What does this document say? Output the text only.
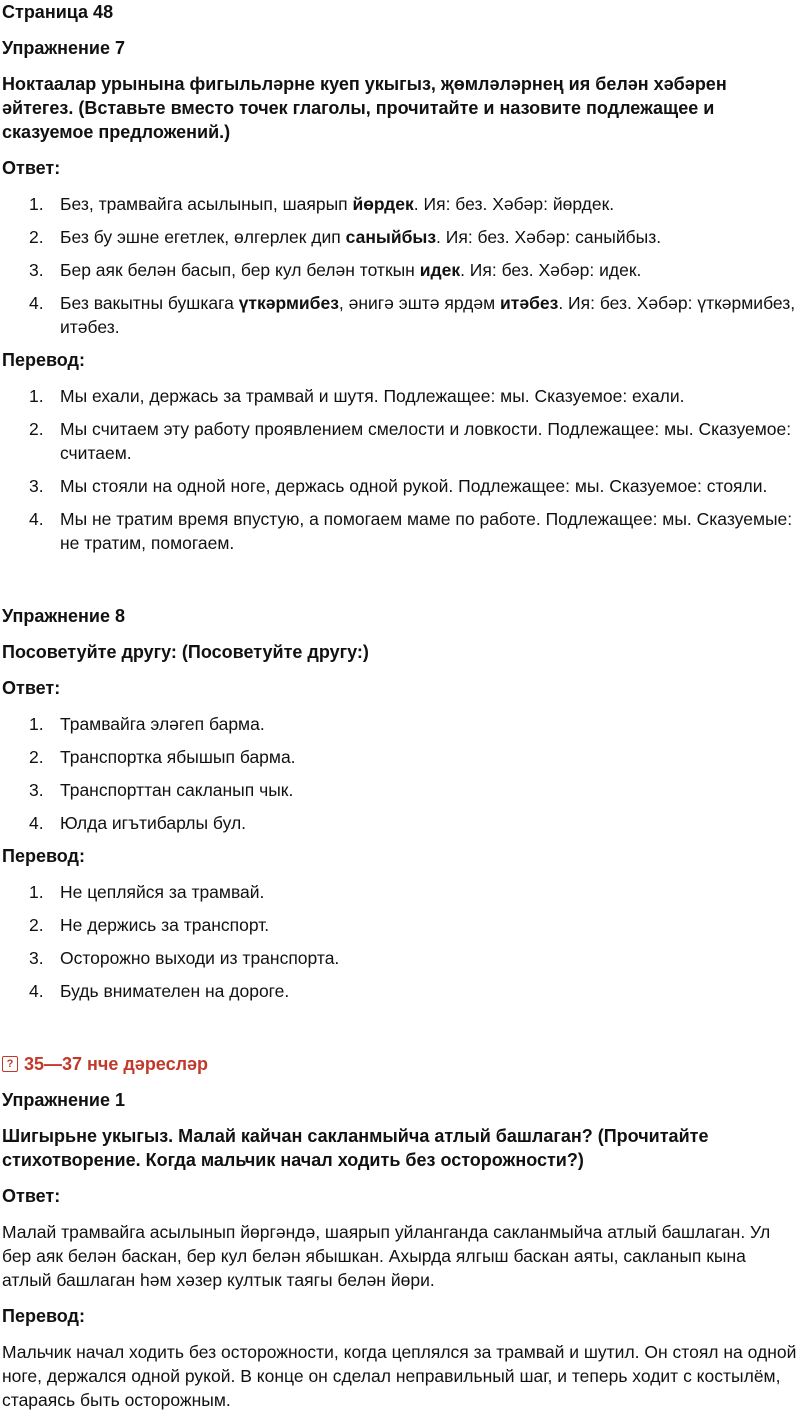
Страница 48
Упражнение 7
Ноктаалар урынына фигыльләрне куеп укыгыз, җөмләләрнең ия белән хәбәрен әйтегез. (Вставьте вместо точек глаголы, прочитайте и назовите подлежащее и сказуемое предложений.)
Ответ:
1. Без, трамвайга асылынып, шаярып йөрдек. Ия: без. Хәбәр: йөрдек.
2. Без бу эшне егетлек, өлгерлек дип саныйбыз. Ия: без. Хәбәр: саныйбыз.
3. Бер аяк белән басып, бер кул белән тоткын идек. Ия: без. Хәбәр: идек.
4. Без вакытны бушкага үткәрмибез, әнигә эштә ярдәм итәбез. Ия: без. Хәбәр: үткәрмибез, итәбез.
Перевод:
1. Мы ехали, держась за трамвай и шутя. Подлежащее: мы. Сказуемое: ехали.
2. Мы считаем эту работу проявлением смелости и ловкости. Подлежащее: мы. Сказуемое: считаем.
3. Мы стояли на одной ноге, держась одной рукой. Подлежащее: мы. Сказуемое: стояли.
4. Мы не тратим время впустую, а помогаем маме по работе. Подлежащее: мы. Сказуемые: не тратим, помогаем.
Упражнение 8
Посоветуйте другу: (Посоветуйте другу:)
Ответ:
1. Трамвайга эләгеп барма.
2. Транспортка ябышып барма.
3. Транспорттан сакланып чык.
4. Юлда игътибарлы бул.
Перевод:
1. Не цепляйся за трамвай.
2. Не держись за транспорт.
3. Осторожно выходи из транспорта.
4. Будь внимателен на дороге.
? 35—37 нче дәресләр
Упражнение 1
Шигырьне укыгыз. Малай кайчан сакланмыйча атлый башлаган? (Прочитайте стихотворение. Когда мальчик начал ходить без осторожности?)
Ответ:

Малай трамвайга асылынып йөргәндә, шаярып уйланганда сакланмыйча атлый башлаган. Ул бер аяк белән баскан, бер кул белән ябышкан. Ахырда ялгыш баскан аяты, сакланып кына атлый башлаган һәм хәзер култык таягы белән йөри.

Перевод:

Мальчик начал ходить без осторожности, когда цеплялся за трамвай и шутил. Он стоял на одной ноге, держался одной рукой. В конце он сделал неправильный шаг, и теперь ходит с костылём, стараясь быть осторожным.
